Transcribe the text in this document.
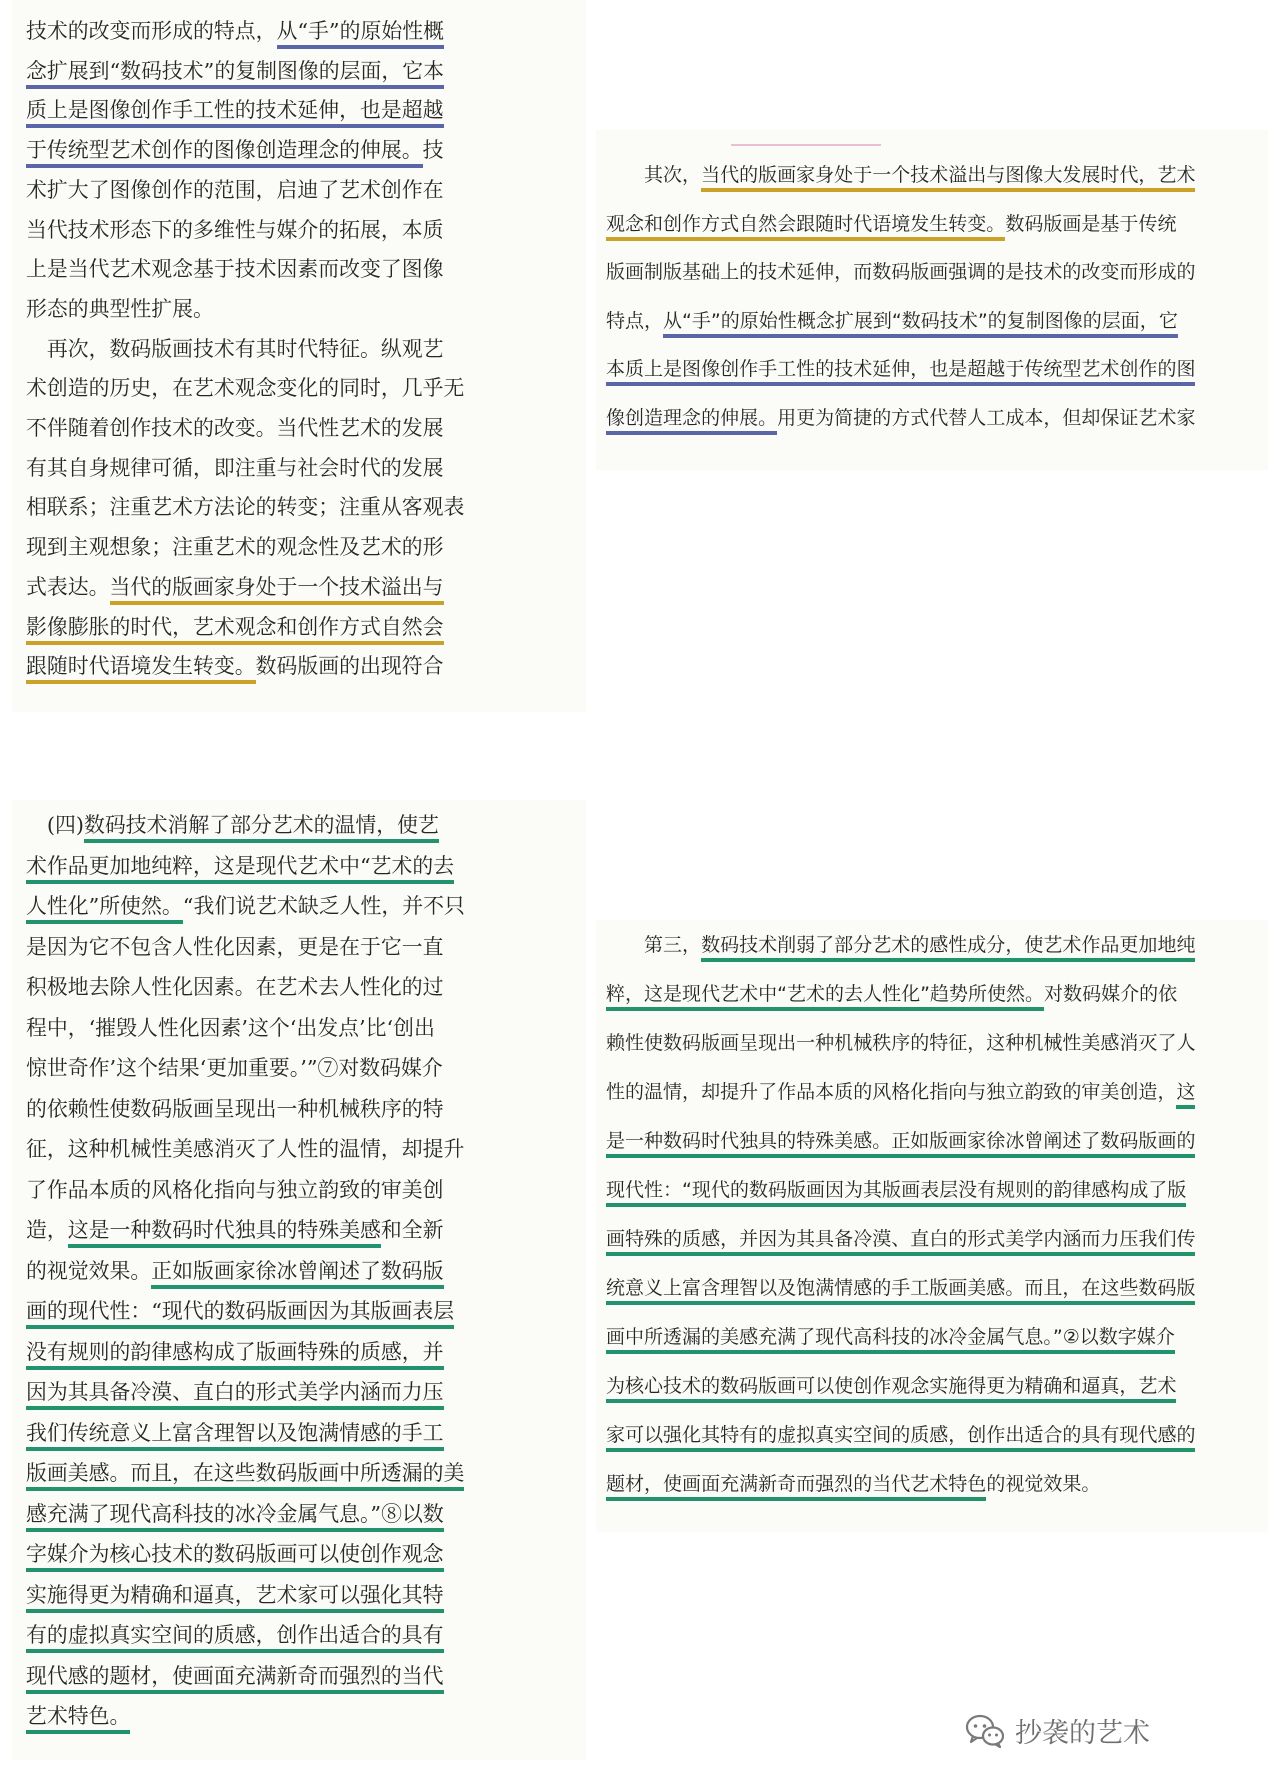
技术的改变而形成的特点，从“手”的原始性概
念扩展到“数码技术”的复制图像的层面，它本
质上是图像创作手工性的技术延伸，也是超越
于传统型艺术创作的图像创造理念的伸展。技
术扩大了图像创作的范围，启迪了艺术创作在
当代技术形态下的多维性与媒介的拓展，本质
上是当代艺术观念基于技术因素而改变了图像
形态的典型性扩展。
　再次，数码版画技术有其时代特征。纵观艺
术创造的历史，在艺术观念变化的同时，几乎无
不伴随着创作技术的改变。当代性艺术的发展
有其自身规律可循，即注重与社会时代的发展
相联系；注重艺术方法论的转变；注重从客观表
现到主观想象；注重艺术的观念性及艺术的形
式表达。当代的版画家身处于一个技术溢出与
影像膨胀的时代，艺术观念和创作方式自然会
跟随时代语境发生转变。数码版画的出现符合
　　其次，当代的版画家身处于一个技术溢出与图像大发展时代，艺术
观念和创作方式自然会跟随时代语境发生转变。数码版画是基于传统
版画制版基础上的技术延伸，而数码版画强调的是技术的改变而形成的
特点，从“手”的原始性概念扩展到“数码技术”的复制图像的层面，它
本质上是图像创作手工性的技术延伸，也是超越于传统型艺术创作的图
像创造理念的伸展。用更为简捷的方式代替人工成本，但却保证艺术家
　(四)数码技术消解了部分艺术的温情，使艺
术作品更加地纯粹，这是现代艺术中“艺术的去
人性化”所使然。“我们说艺术缺乏人性，并不只
是因为它不包含人性化因素，更是在于它一直
积极地去除人性化因素。在艺术去人性化的过
程中，‘摧毁人性化因素’这个‘出发点’比‘创出
惊世奇作’这个结果‘更加重要。’”⑦对数码媒介
的依赖性使数码版画呈现出一种机械秩序的特
征，这种机械性美感消灭了人性的温情，却提升
了作品本质的风格化指向与独立韵致的审美创
造，这是一种数码时代独具的特殊美感和全新
的视觉效果。正如版画家徐冰曾阐述了数码版
画的现代性：“现代的数码版画因为其版画表层
没有规则的韵律感构成了版画特殊的质感，并
因为其具备冷漠、直白的形式美学内涵而力压
我们传统意义上富含理智以及饱满情感的手工
版画美感。而且，在这些数码版画中所透漏的美
感充满了现代高科技的冰冷金属气息。”⑧以数
字媒介为核心技术的数码版画可以使创作观念
实施得更为精确和逼真，艺术家可以强化其特
有的虚拟真实空间的质感，创作出适合的具有
现代感的题材，使画面充满新奇而强烈的当代
艺术特色。
　　第三，数码技术削弱了部分艺术的感性成分，使艺术作品更加地纯
粹，这是现代艺术中“艺术的去人性化”趋势所使然。对数码媒介的依
赖性使数码版画呈现出一种机械秩序的特征，这种机械性美感消灭了人
性的温情，却提升了作品本质的风格化指向与独立韵致的审美创造，这
是一种数码时代独具的特殊美感。正如版画家徐冰曾阐述了数码版画的
现代性：“现代的数码版画因为其版画表层没有规则的韵律感构成了版
画特殊的质感，并因为其具备冷漠、直白的形式美学内涵而力压我们传
统意义上富含理智以及饱满情感的手工版画美感。而且，在这些数码版
画中所透漏的美感充满了现代高科技的冰冷金属气息。”②以数字媒介
为核心技术的数码版画可以使创作观念实施得更为精确和逼真，艺术
家可以强化其特有的虚拟真实空间的质感，创作出适合的具有现代感的
题材，使画面充满新奇而强烈的当代艺术特色的视觉效果。
抄袭的艺术
